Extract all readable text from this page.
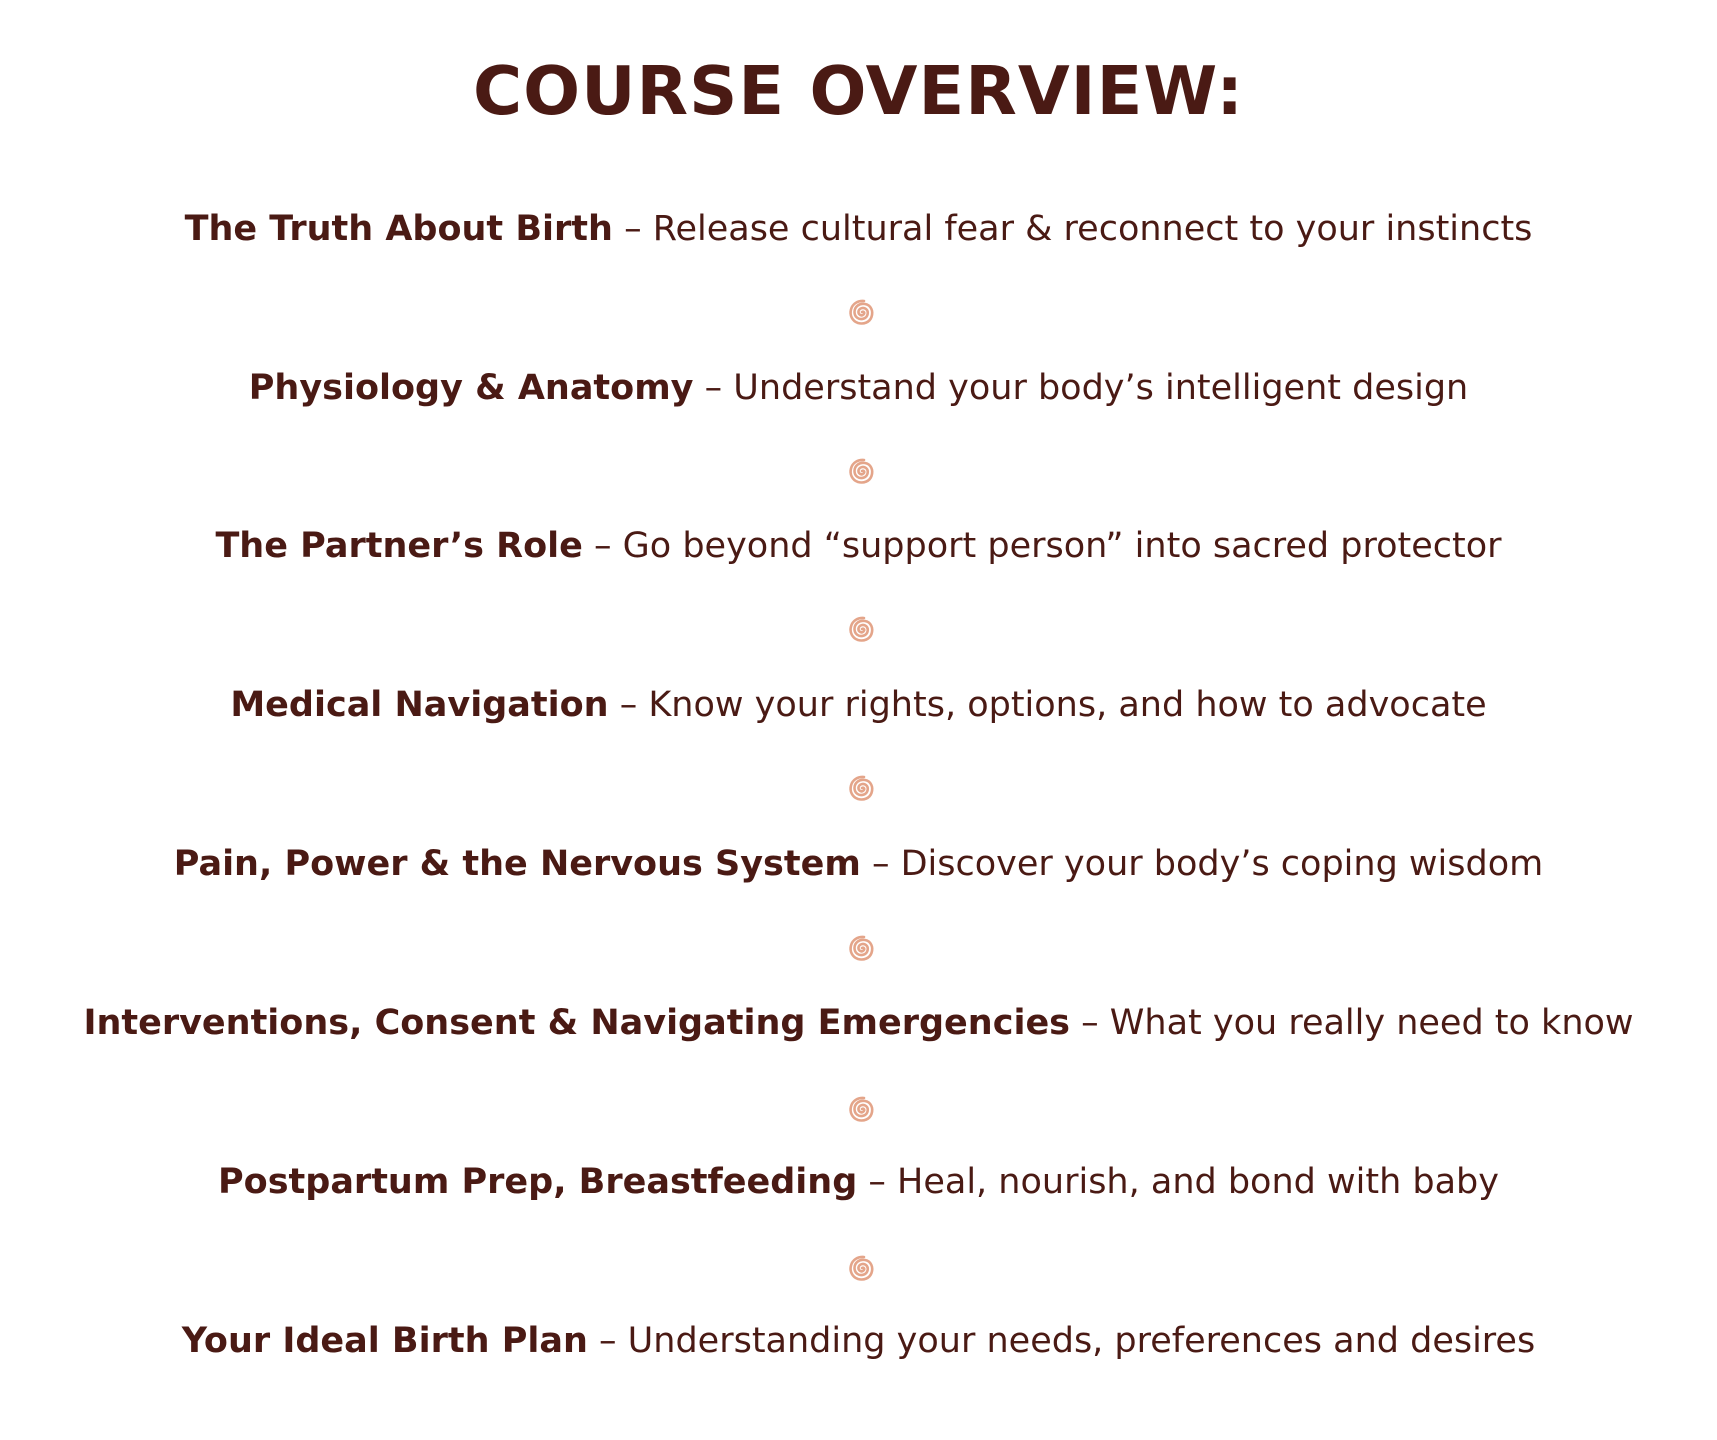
COURSE OVERVIEW:
The Truth About Birth – Release cultural fear & reconnect to your instincts
Physiology & Anatomy – Understand your body’s intelligent design
The Partner’s Role – Go beyond “support person” into sacred protector
Medical Navigation – Know your rights, options, and how to advocate
Pain, Power & the Nervous System – Discover your body’s coping wisdom
Interventions, Consent & Navigating Emergencies – What you really need to know
Postpartum Prep, Breastfeeding – Heal, nourish, and bond with baby
Your Ideal Birth Plan – Understanding your needs, preferences and desires
